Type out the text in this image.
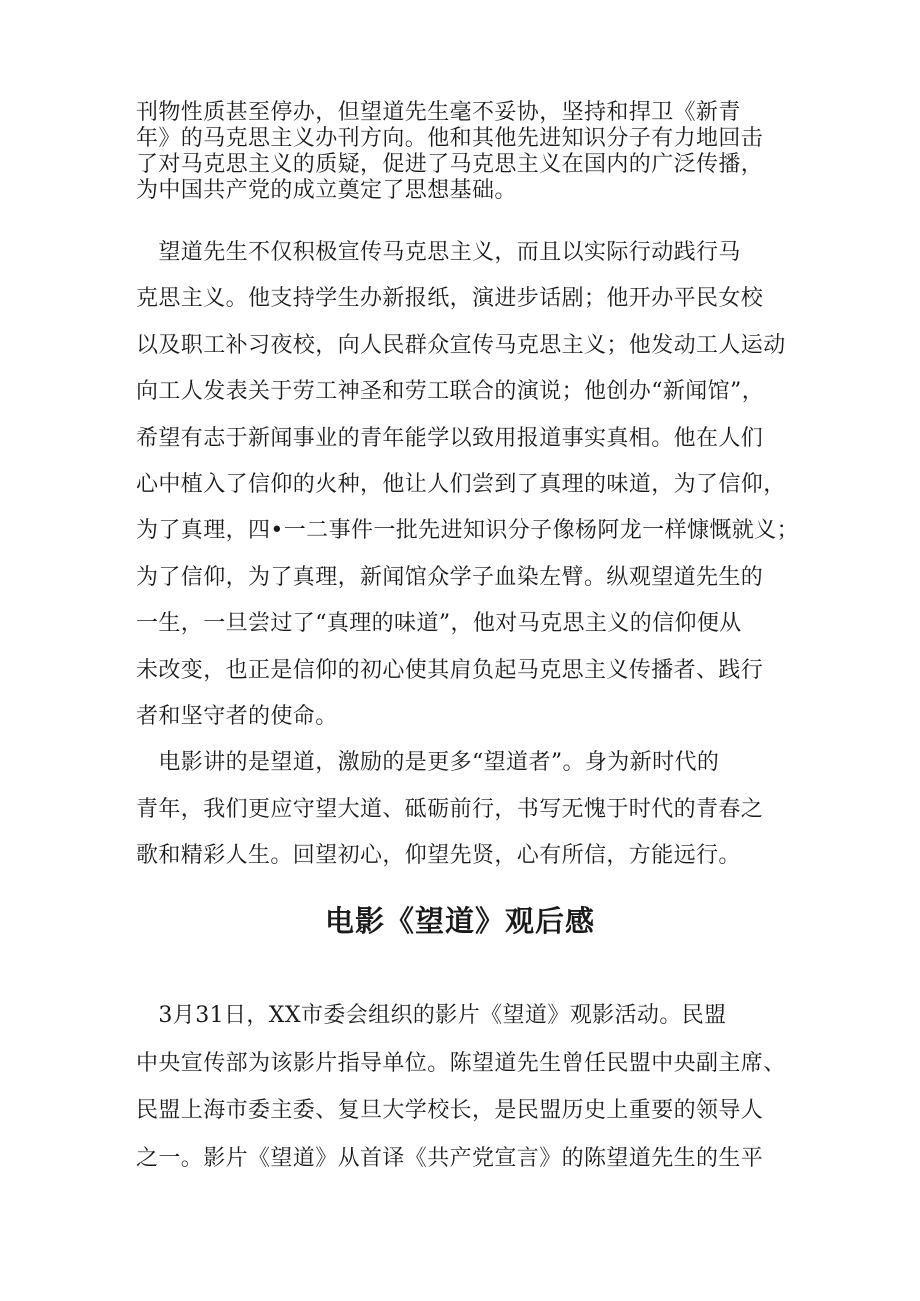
刊物性质甚至停办，但望道先生毫不妥协，坚持和捍卫《新青
年》的马克思主义办刊方向。他和其他先进知识分子有力地回击
了对马克思主义的质疑，促进了马克思主义在国内的广泛传播，
为中国共产党的成立奠定了思想基础。
　望道先生不仅积极宣传马克思主义，而且以实际行动践行马
克思主义。他支持学生办新报纸，演进步话剧；他开办平民女校
以及职工补习夜校，向人民群众宣传马克思主义；他发动工人运动
向工人发表关于劳工神圣和劳工联合的演说；他创办“新闻馆”，
希望有志于新闻事业的青年能学以致用报道事实真相。他在人们
心中植入了信仰的火种，他让人们尝到了真理的味道，为了信仰，
为了真理，四•一二事件一批先进知识分子像杨阿龙一样慷慨就义；
为了信仰，为了真理，新闻馆众学子血染左臂。纵观望道先生的
一生，一旦尝过了“真理的味道”，他对马克思主义的信仰便从
未改变，也正是信仰的初心使其肩负起马克思主义传播者、践行
者和坚守者的使命。
　电影讲的是望道，激励的是更多“望道者”。身为新时代的
青年，我们更应守望大道、砥砺前行，书写无愧于时代的青春之
歌和精彩人生。回望初心，仰望先贤，心有所信，方能远行。
电影《望道》观后感
　3月31日，XX市委会组织的影片《望道》观影活动。民盟
中央宣传部为该影片指导单位。陈望道先生曾任民盟中央副主席、
民盟上海市委主委、复旦大学校长，是民盟历史上重要的领导人
之一。影片《望道》从首译《共产党宣言》的陈望道先生的生平
